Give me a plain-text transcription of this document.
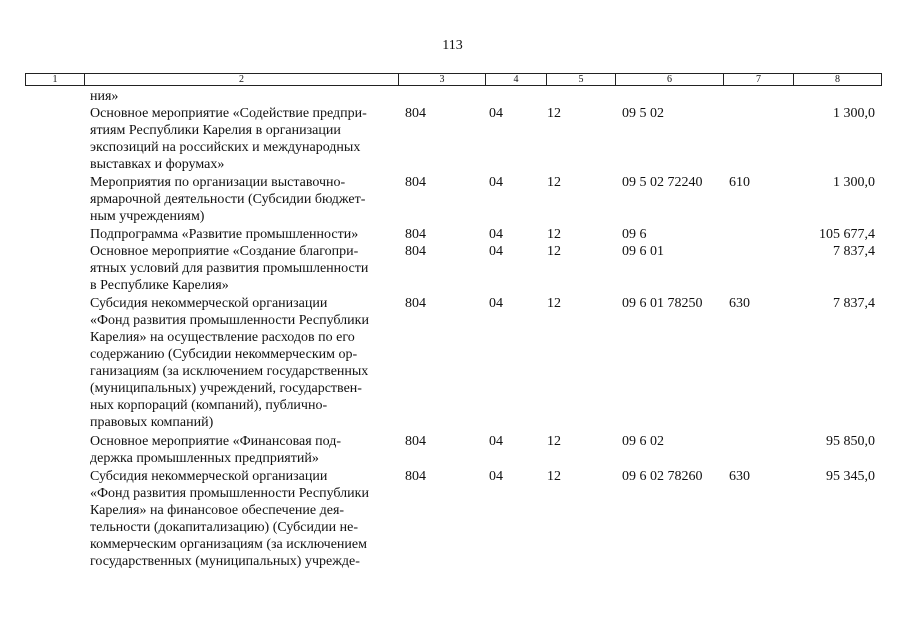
113
1	2	3	4	5	6	7	8
ния»
Основное мероприятие «Содействие предпри-
ятиям Республики Карелия в организации
экспозиций на российских и международных
выставках и форумах»
804	04	12	09 5 02	1 300,0
Мероприятия по организации выставочно-
ярмарочной деятельности (Субсидии бюджет-
ным учреждениям)
804	04	12	09 5 02 72240 610	1 300,0
Подпрограмма «Развитие промышленности»	804	04	12	09 6	105 677,4
Основное мероприятие «Создание благопри-
ятных условий для развития промышленности
в Республике Карелия»
804	04	12	09 6 01	7 837,4
Субсидия некоммерческой организации
«Фонд развития промышленности Республики
Карелия» на осуществление расходов по его
содержанию (Субсидии некоммерческим ор-
ганизациям (за исключением государственных
(муниципальных) учреждений, государствен-
ных корпораций (компаний), публично-
правовых компаний)
804	04	12	09 6 01 78250 630	7 837,4
Основное мероприятие «Финансовая под-
держка промышленных предприятий»
804	04	12	09 6 02	95 850,0
Субсидия некоммерческой организации
«Фонд развития промышленности Республики
Карелия» на финансовое обеспечение дея-
тельности (докапитализацию) (Субсидии не-
коммерческим организациям (за исключением
государственных (муниципальных) учрежде-
804	04	12	09 6 02 78260 630	95 345,0
